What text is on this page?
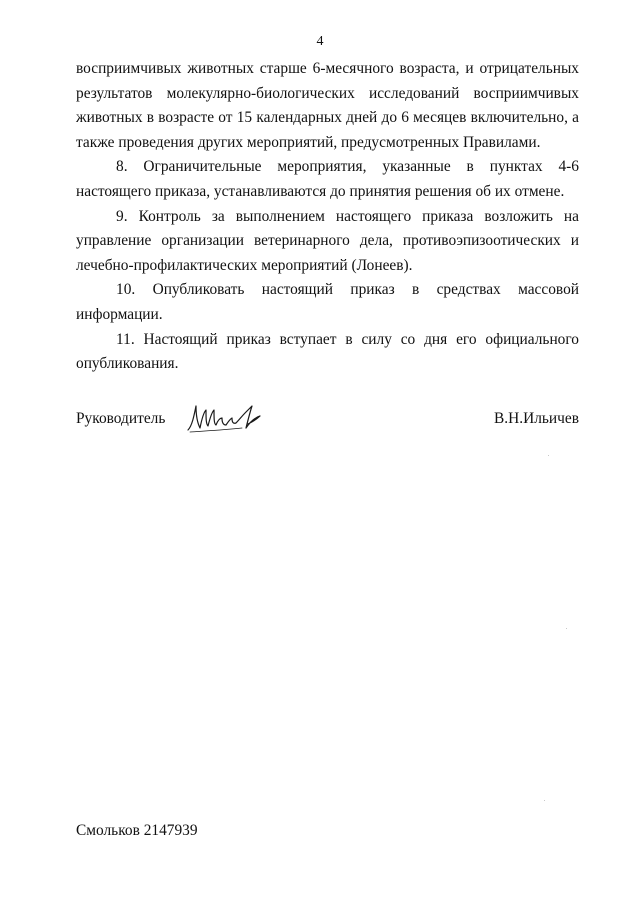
4

восприимчивых животных старше 6-месячного возраста, и отрицательных результатов молекулярно-биологических исследований восприимчивых животных в возрасте от 15 календарных дней до 6 месяцев включительно, а также проведения других мероприятий, предусмотренных Правилами.

8. Ограничительные мероприятия, указанные в пунктах 4-6 настоящего приказа, устанавливаются до принятия решения об их отмене.

9. Контроль за выполнением настоящего приказа возложить на управление организации ветеринарного дела, противоэпизоотических и лечебно-профилактических мероприятий (Лонеев).

10. Опубликовать настоящий приказ в средствах массовой информации.

11. Настоящий приказ вступает в силу со дня его официального опубликования.

Руководитель	В.Н.Ильичев
Смольков 2147939
